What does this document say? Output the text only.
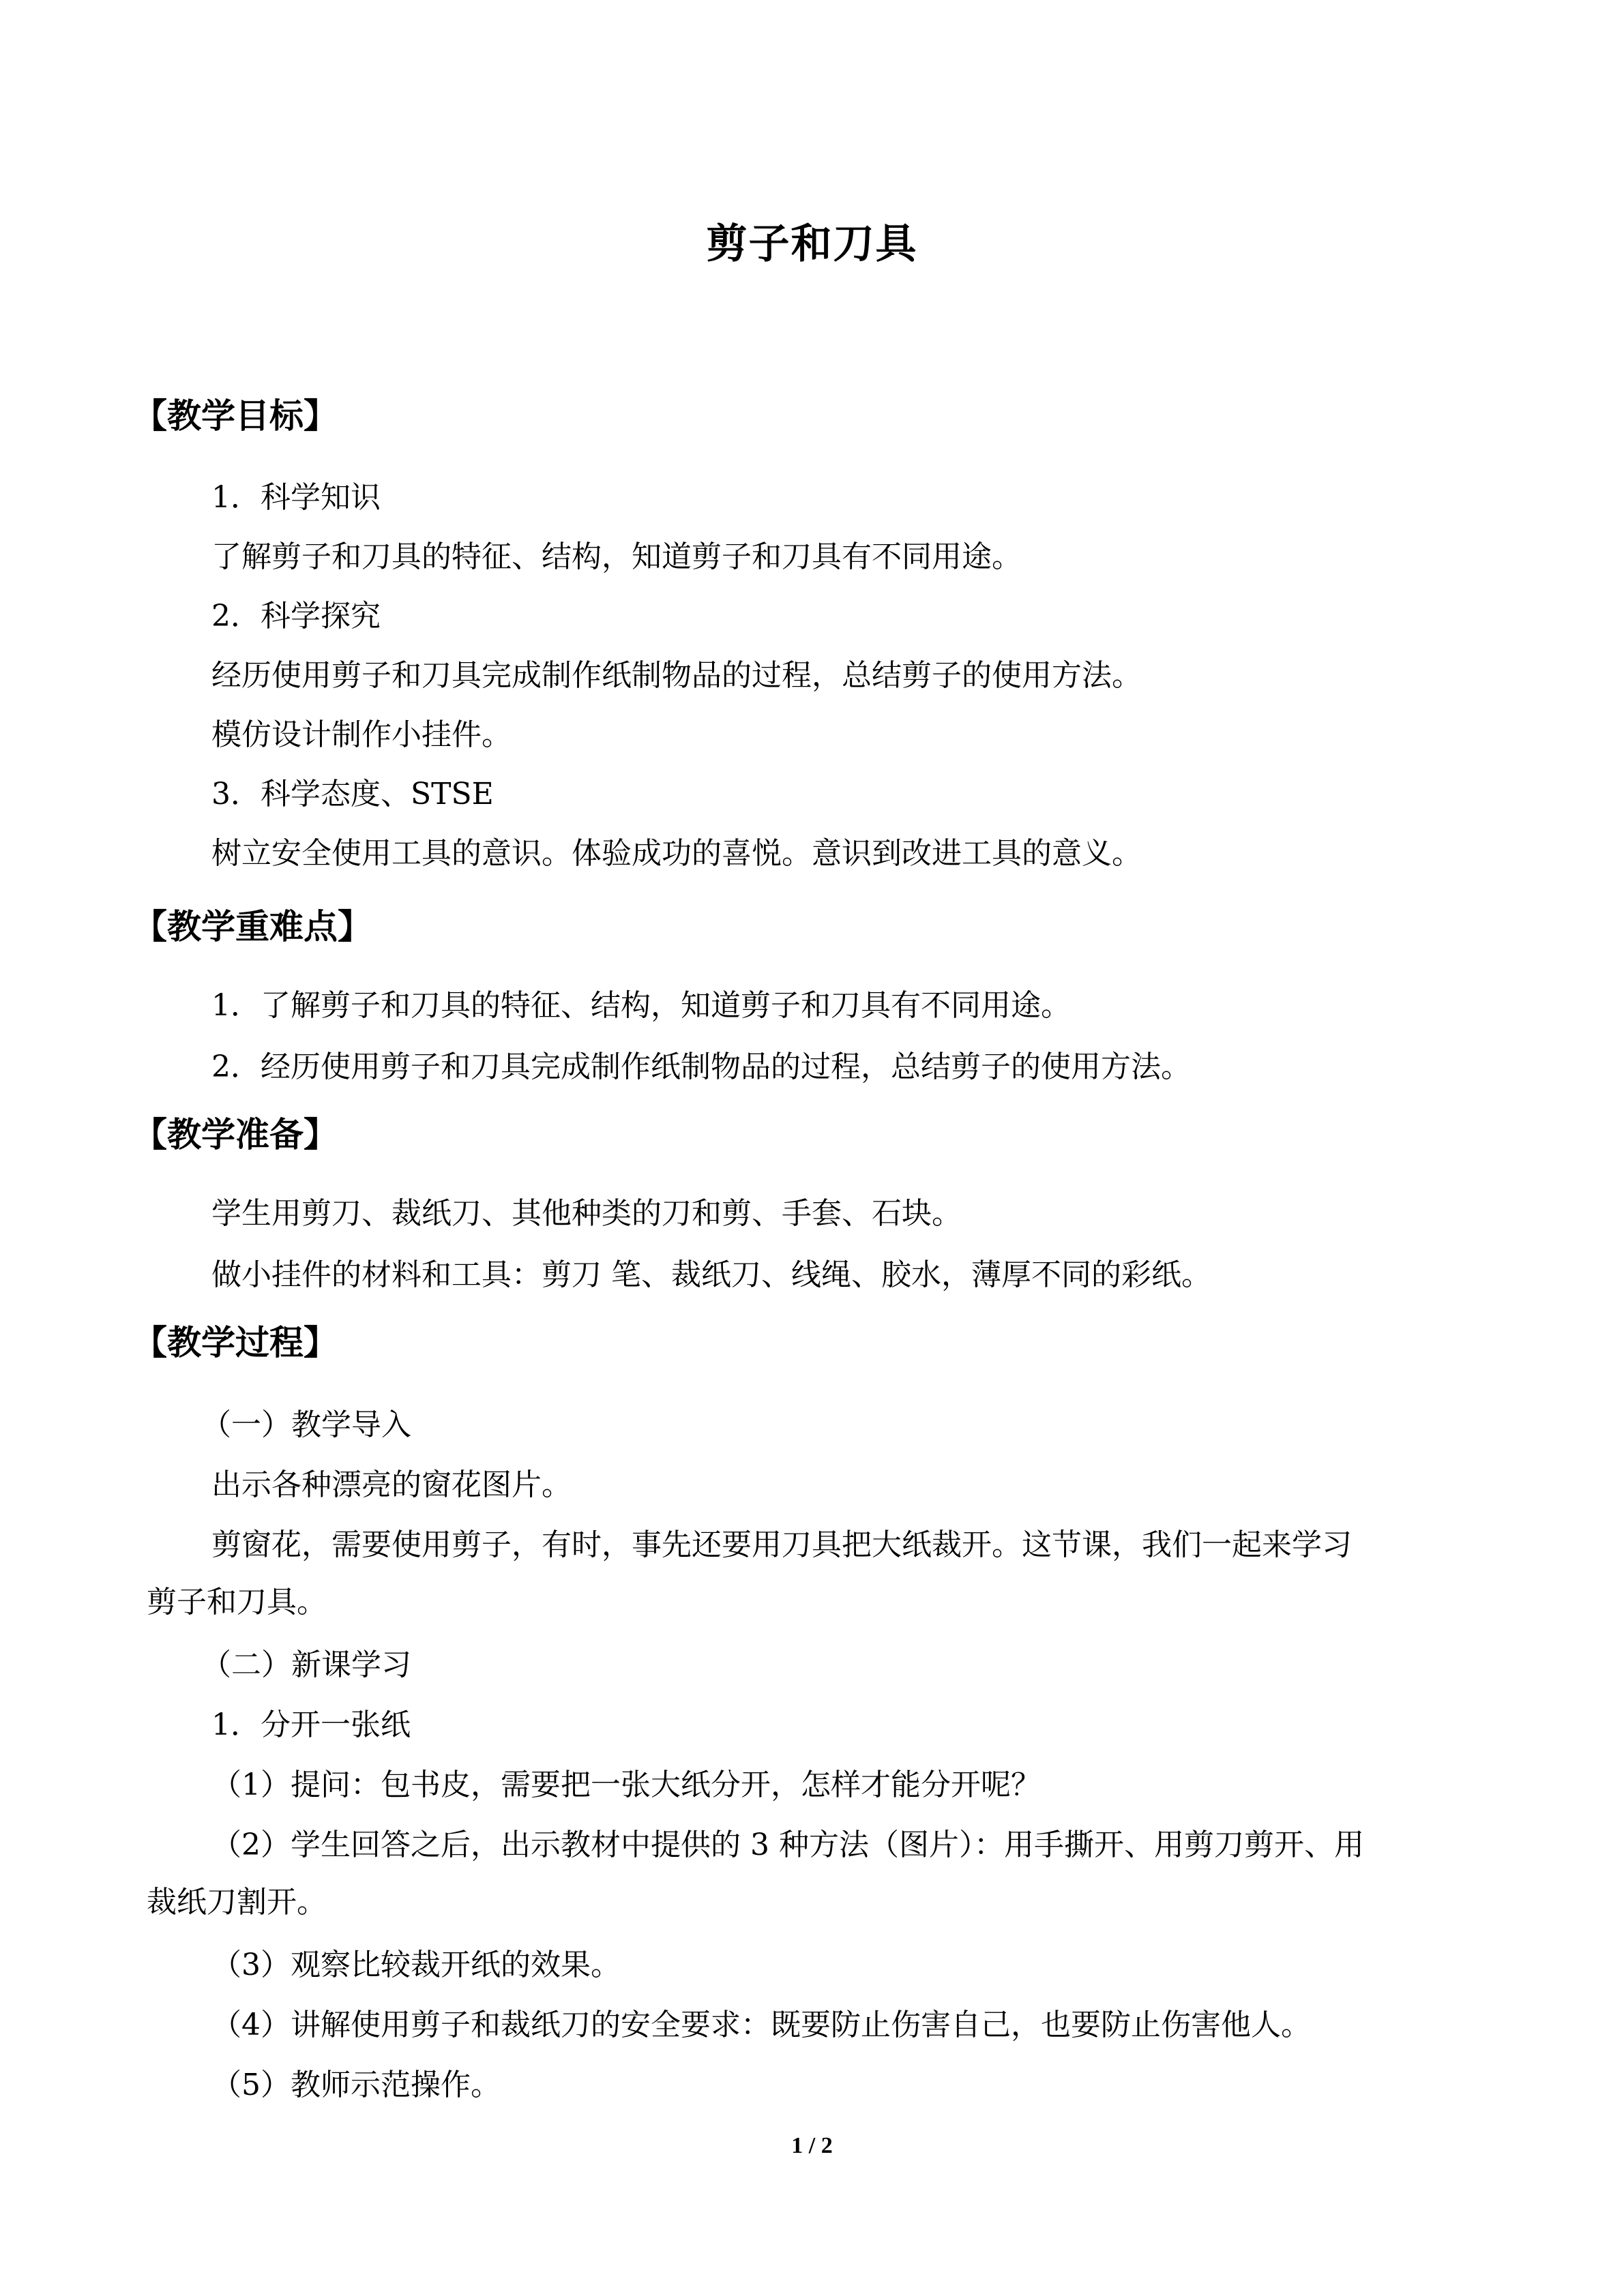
剪子和刀具
【教学目标】
1．科学知识
了解剪子和刀具的特征、结构，知道剪子和刀具有不同用途。
2．科学探究
经历使用剪子和刀具完成制作纸制物品的过程，总结剪子的使用方法。
模仿设计制作小挂件。
3．科学态度、STSE
树立安全使用工具的意识。体验成功的喜悦。意识到改进工具的意义。
【教学重难点】
1．了解剪子和刀具的特征、结构，知道剪子和刀具有不同用途。
2．经历使用剪子和刀具完成制作纸制物品的过程，总结剪子的使用方法。
【教学准备】
学生用剪刀、裁纸刀、其他种类的刀和剪、手套、石块。
做小挂件的材料和工具：剪刀 笔、裁纸刀、线绳、胶水，薄厚不同的彩纸。
【教学过程】
（一）教学导入
出示各种漂亮的窗花图片。
剪窗花，需要使用剪子，有时，事先还要用刀具把大纸裁开。这节课，我们一起来学习
剪子和刀具。
（二）新课学习
1．分开一张纸
（1）提问：包书皮，需要把一张大纸分开，怎样才能分开呢？
（2）学生回答之后，出示教材中提供的 3 种方法（图片）：用手撕开、用剪刀剪开、用
裁纸刀割开。
（3）观察比较裁开纸的效果。
（4）讲解使用剪子和裁纸刀的安全要求：既要防止伤害自己，也要防止伤害他人。
（5）教师示范操作。
1 / 2
